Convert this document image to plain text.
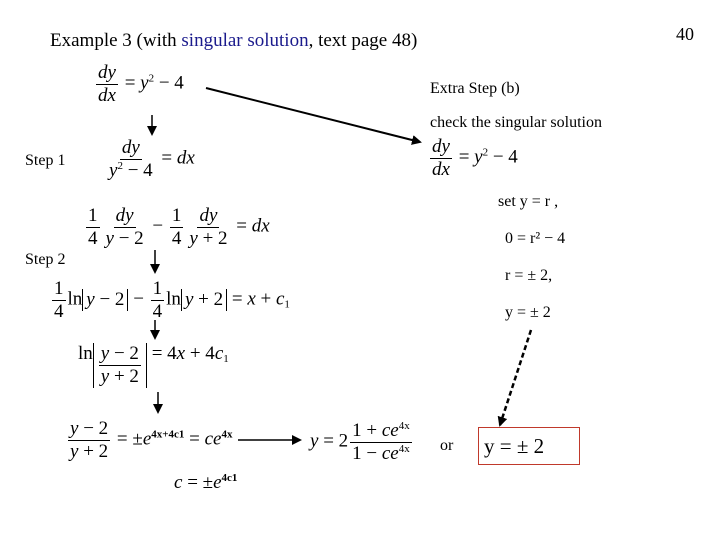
Example 3 (with singular solution, text page 48)	40
$\frac{dy}{dx} = y^2 - 4$
Step $1 \frac{dy}{y^2 - 4}$ = dx
$\frac{1}{4} \frac{dy}{y - 2} - \frac{1}{4} \frac{dy}{y + 2}$ = dx
Step 2
$\frac{1}{4}$ $\ln y - 2 - \frac{1}{4}$ $\ln y + 2 = x + c_1$
$\ln \frac{y - 2}{y + 2} = 4x + 4c_1$
$\frac{y - 2}{y + 2} = \pm e^{4x+4c1} = ce^{4x}$
$c = \pm e^{4c1}$
$y = 2 \frac{1 + ce^{4x}}{1 - ce^{4x}}$
Extra Step (b)
check the singular solution
$\frac{dy}{dx} = y^2 - 4$
set y = r ,
0 = r² − 4
r = ± 2,
y = ± 2
or y = ± 2
